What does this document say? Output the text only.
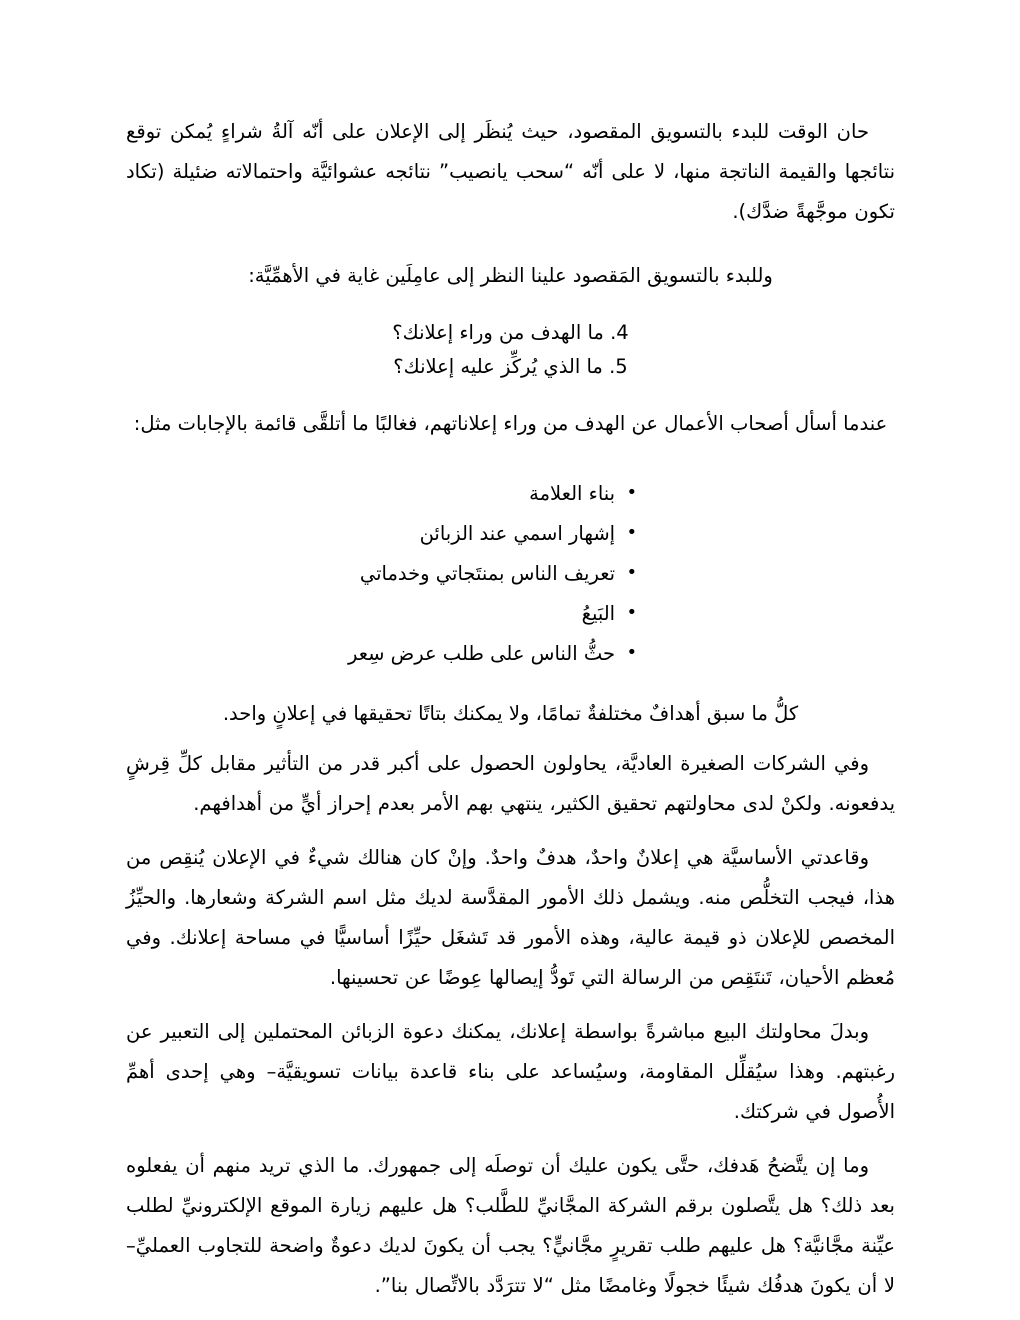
حان الوقت للبدء بالتسويق المقصود، حيث يُنظَر إلى الإعلان على أنّه آلةُ شراءٍ يُمكن توقع نتائجها والقيمة الناتجة منها، لا على أنّه “سحب يانصيب” نتائجه عشوائيَّة واحتمالاته ضئيلة (تكاد تكون موجَّهةً ضدَّك).

وللبدء بالتسويق المَقصود علينا النظر إلى عامِلَين غاية في الأهمِّيَّة:

4. ما الهدف من وراء إعلانك؟
5. ما الذي يُركِّز عليه إعلانك؟

عندما أسأل أصحاب الأعمال عن الهدف من وراء إعلاناتهم، فغالبًا ما أتلقَّى قائمة بالإجابات مثل:

• بناء العلامة
• إشهار اسمي عند الزبائن
• تعريف الناس بمنتَجاتي وخدماتي
• البَيعُ
• حثُّ الناس على طلب عرض سِعر

كلُّ ما سبق أهدافٌ مختلفةٌ تمامًا، ولا يمكنك بتاتًا تحقيقها في إعلانٍ واحد.

وفي الشركات الصغيرة العاديَّة، يحاولون الحصول على أكبر قدر من التأثير مقابل كلِّ قِرشٍ يدفعونه. ولكنْ لدى محاولتهم تحقيق الكثير، ينتهي بهم الأمر بعدم إحراز أيٍّ من أهدافهم.

وقاعدتي الأساسيَّة هي إعلانٌ واحدٌ، هدفٌ واحدٌ. وإنْ كان هنالك شيءٌ في الإعلان يُنقِص من هذا، فيجب التخلُّص منه. ويشمل ذلك الأمور المقدَّسة لديك مثل اسم الشركة وشعارها. والحيِّزُ المخصص للإعلان ذو قيمة عالية، وهذه الأمور قد تَشغَل حيِّزًا أساسيًّا في مساحة إعلانك. وفي مُعظم الأحيان، تَنتَقِص من الرسالة التي تَودُّ إيصالها عِوضًا عن تحسينها.

وبدلَ محاولتك البيع مباشرةً بواسطة إعلانك، يمكنك دعوة الزبائن المحتملين إلى التعبير عن رغبتهم. وهذا سيُقلِّل المقاومة، وسيُساعد على بناء قاعدة بيانات تسويقيَّة– وهي إحدى أهمِّ الأُصول في شركتك.

وما إن يتَّضحُ هَدفك، حتَّى يكون عليك أن توصلَه إلى جمهورك. ما الذي تريد منهم أن يفعلوه بعد ذلك؟ هل يتَّصلون برقم الشركة المجَّانيِّ للطَّلب؟ هل عليهم زيارة الموقع الإلكترونيِّ لطلب عيِّنة مجَّانيَّة؟ هل عليهم طلب تقريرٍ مجَّانيٍّ؟ يجب أن يكونَ لديك دعوةٌ واضحة للتجاوب العمليِّ– لا أن يكونَ هدفُك شيئًا خجولًا وغامضًا مثل “لا تترَدَّد بالاتِّصال بنا”.
